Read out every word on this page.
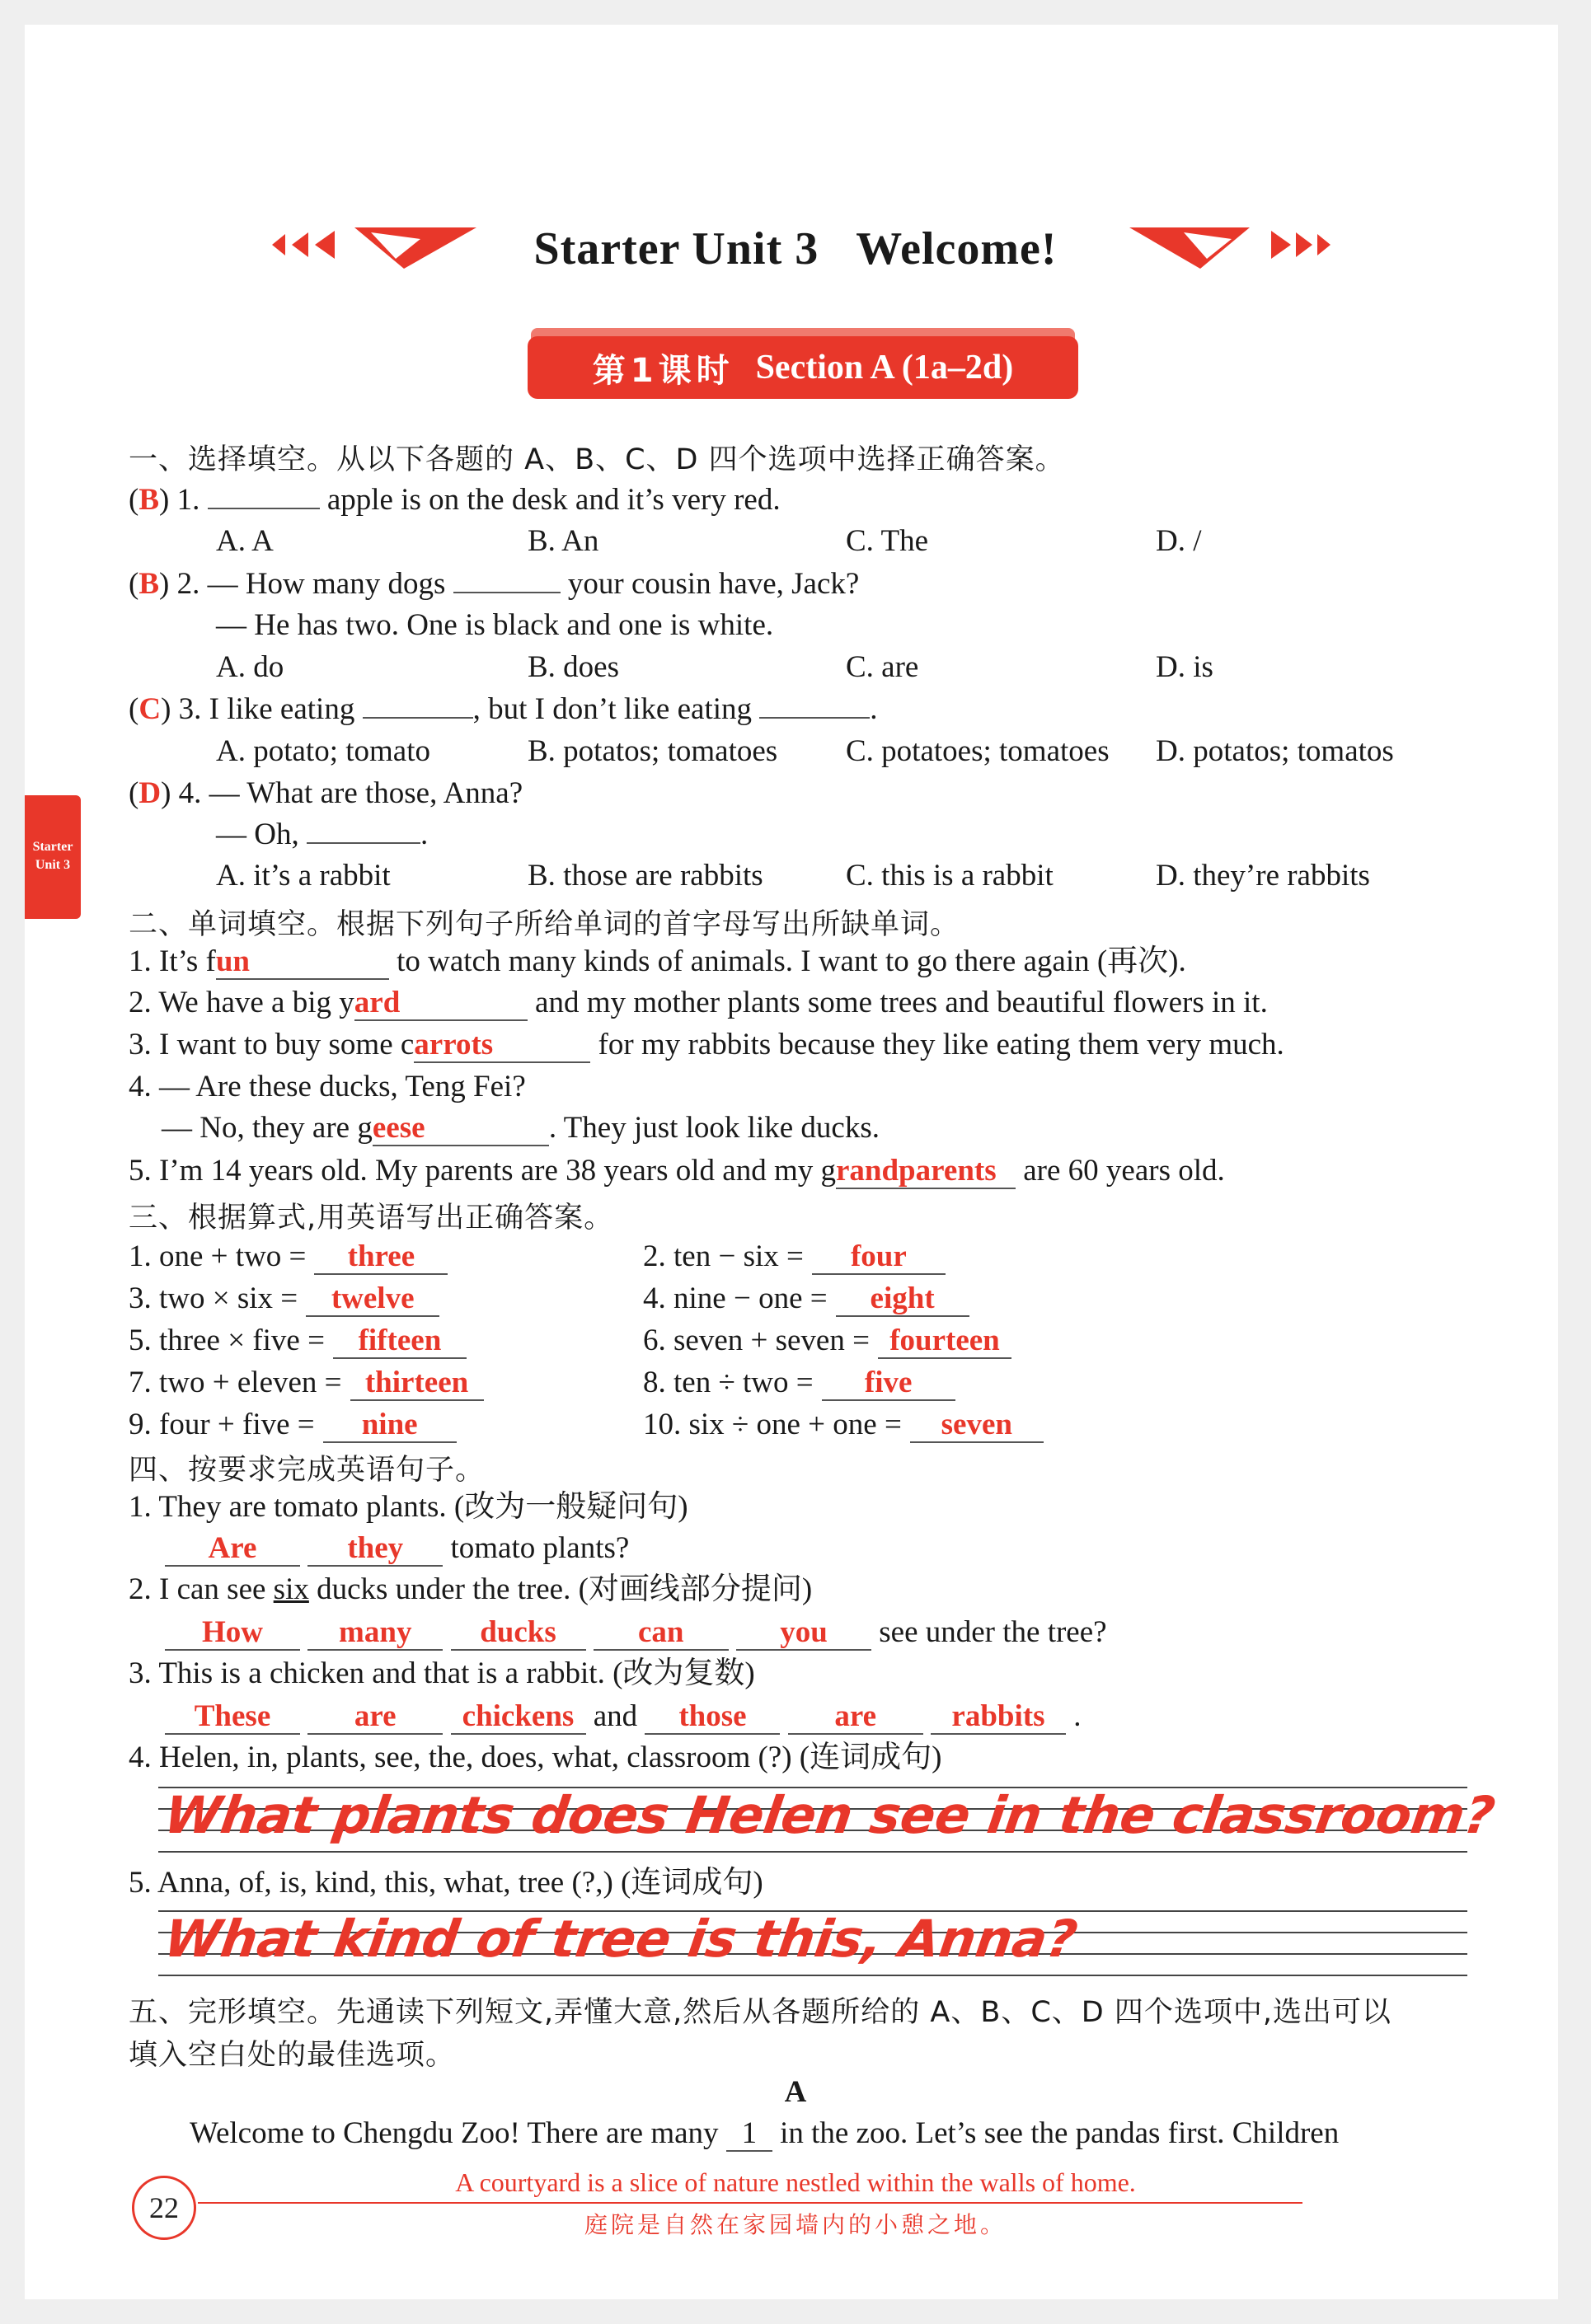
Starter Unit 3   Welcome!
第1课时 Section A (1a–2d)
Starter
Unit 3
一、选择填空。从以下各题的 A、B、C、D 四个选项中选择正确答案。
(B) 1.	apple is on the desk and it’s very red.
A. A	B. An	C. The	D. /
(B) 2. — How many dogs	your cousin have, Jack?
— He has two. One is black and one is white.
A. do	B. does	C. are	D. is
(C) 3. I like eating	, but I don’t like eating	.
A. potato; tomato	B. potatos; tomatoes C. potatoes; tomatoes D. potatos; tomatos
(D) 4. — What are those, Anna?
— Oh,	.
A. it’s a rabbit	B. those are rabbits	C. this is a rabbit	D. they’re rabbits
二、单词填空。根据下列句子所给单词的首字母写出所缺单词。
1. It’s fun	to watch many kinds of animals. I want to go there again (再次).
2. We have a big yard	and my mother plants some trees and beautiful flowers in it.
3. I want to buy some carrots	for my rabbits because they like eating them very much.
4. — Are these ducks, Teng Fei?
— No, they are geese	. They just look like ducks.
5. I’m 14 years old. My parents are 38 years old and my grandparents are 60 years old.
三、根据算式,用英语写出正确答案。
1. one + two = three	2. ten − six = four
3. two × six = twelve	4. nine − one = eight
5. three × five = fifteen	6. seven + seven = fourteen
7. two + eleven = thirteen	8. ten ÷ two = five
9. four + five = nine	10. six ÷ one + one = seven
四、按要求完成英语句子。
1. They are tomato plants. (改为一般疑问句)
Are	they tomato plants?
2. I can see six ducks under the tree. (对画线部分提问)
How many ducks	can	you see under the tree?
3. This is a chicken and that is a rabbit. (改为复数)
These	are chickens and those	are rabbits .
4. Helen, in, plants, see, the, does, what, classroom (?) (连词成句)
What plants does Helen see in the classroom?
5. Anna, of, is, kind, this, what, tree (?,) (连词成句)
What kind of tree is this, Anna?
五、完形填空。先通读下列短文,弄懂大意,然后从各题所给的 A、B、C、D 四个选项中,选出可以
填入空白处的最佳选项。
A
Welcome to Chengdu Zoo! There are many 1 in the zoo. Let’s see the pandas first. Children
22
A courtyard is a slice of nature nestled within the walls of home.
庭院是自然在家园墙内的小憩之地。
